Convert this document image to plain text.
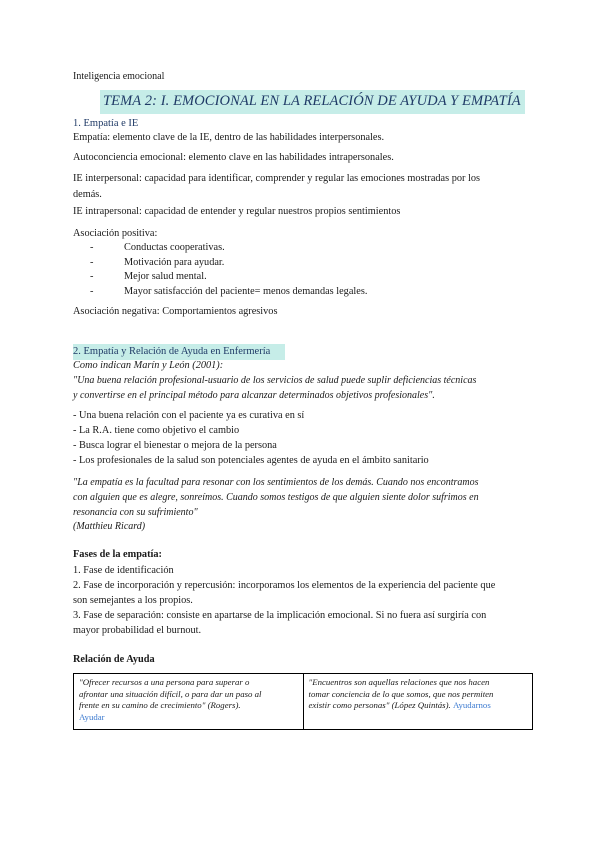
Inteligencia emocional
TEMA 2: I. EMOCIONAL EN LA RELACIÓN DE AYUDA Y EMPATÍA
1. Empatía e IE
Empatía: elemento clave de la IE, dentro de las habilidades interpersonales.
Autoconciencia emocional: elemento clave en las habilidades intrapersonales.
IE interpersonal: capacidad para identificar, comprender y regular las emociones mostradas por los
demás.
IE intrapersonal: capacidad de entender y regular nuestros propios sentimientos
Asociación positiva:
-	Conductas cooperativas.
-	Motivación para ayudar.
-	Mejor salud mental.
-	Mayor satisfacción del paciente= menos demandas legales.
Asociación negativa: Comportamientos agresivos
2. Empatía y Relación de Ayuda en Enfermería
Como indican Marín y León (2001):
"Una buena relación profesional-usuario de los servicios de salud puede suplir deficiencias técnicas
y convertirse en el principal método para alcanzar determinados objetivos profesionales".
- Una buena relación con el paciente ya es curativa en sí
- La R.A. tiene como objetivo el cambio
- Busca lograr el bienestar o mejora de la persona
- Los profesionales de la salud son potenciales agentes de ayuda en el ámbito sanitario
"La empatía es la facultad para resonar con los sentimientos de los demás. Cuando nos encontramos
con alguien que es alegre, sonreímos. Cuando somos testigos de que alguien siente dolor sufrimos en
resonancia con su sufrimiento"
(Matthieu Ricard)
Fases de la empatía:
1. Fase de identificación
2. Fase de incorporación y repercusión: incorporamos los elementos de la experiencia del paciente que
son semejantes a los propios.
3. Fase de separación: consiste en apartarse de la implicación emocional. Si no fuera así surgiría con
mayor probabilidad el burnout.
Relación de Ayuda
"Ofrecer recursos a una persona para superar o
afrontar una situación difícil, o para dar un paso al
frente en su camino de crecimiento" (Rogers).
Ayudar	"Encuentros son aquellas relaciones que nos hacen
tomar conciencia de lo que somos, que nos permiten
existir como personas" (López Quintás). Ayudarnos
